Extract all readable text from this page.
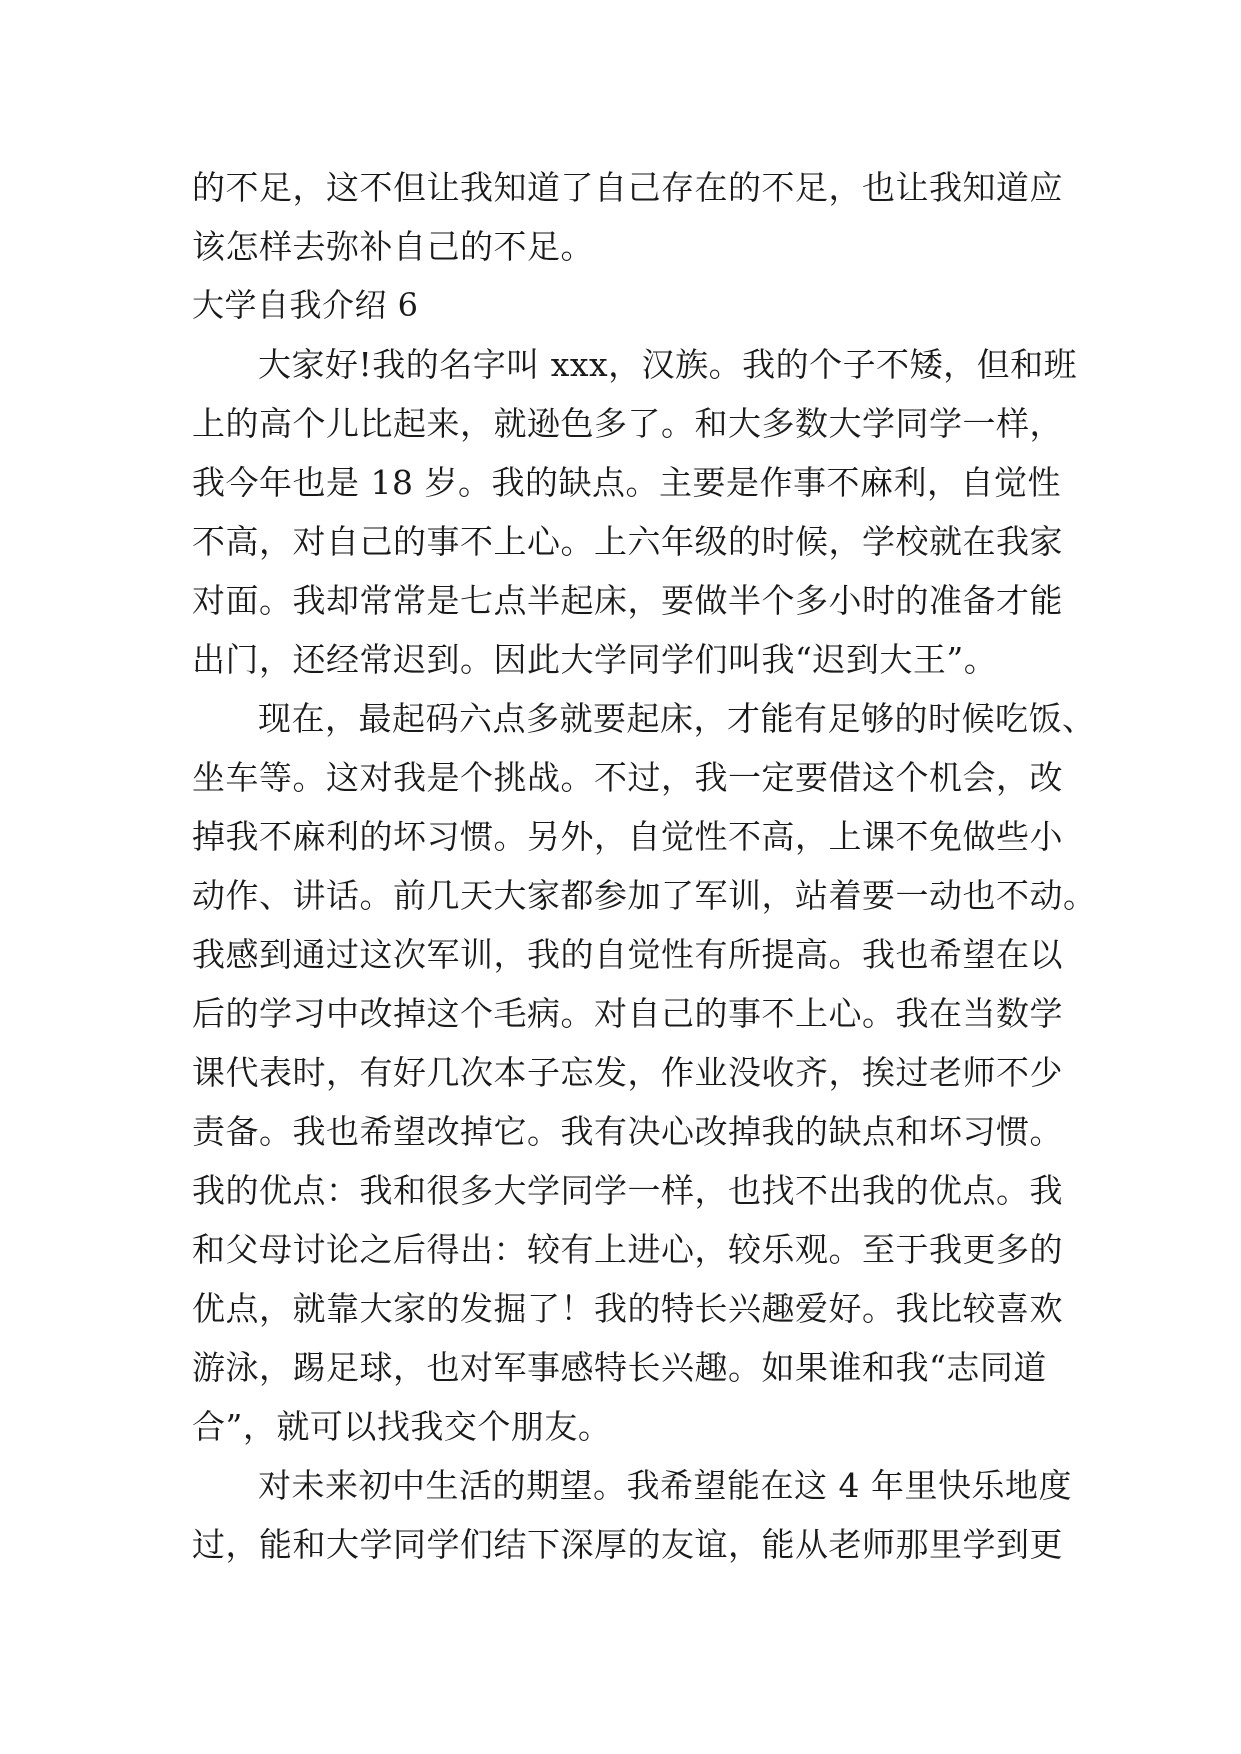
的不足，这不但让我知道了自己存在的不足，也让我知道应
该怎样去弥补自己的不足。
大学自我介绍 6
大家好!我的名字叫 xxx，汉族。我的个子不矮，但和班
上的高个儿比起来，就逊色多了。和大多数大学同学一样，
我今年也是 18 岁。我的缺点。主要是作事不麻利，自觉性
不高，对自己的事不上心。上六年级的时候，学校就在我家
对面。我却常常是七点半起床，要做半个多小时的准备才能
出门，还经常迟到。因此大学同学们叫我“迟到大王”。
现在，最起码六点多就要起床，才能有足够的时候吃饭、
坐车等。这对我是个挑战。不过，我一定要借这个机会，改
掉我不麻利的坏习惯。另外，自觉性不高，上课不免做些小
动作、讲话。前几天大家都参加了军训，站着要一动也不动。
我感到通过这次军训，我的自觉性有所提高。我也希望在以
后的学习中改掉这个毛病。对自己的事不上心。我在当数学
课代表时，有好几次本子忘发，作业没收齐，挨过老师不少
责备。我也希望改掉它。我有决心改掉我的缺点和坏习惯。
我的优点：我和很多大学同学一样，也找不出我的优点。我
和父母讨论之后得出：较有上进心，较乐观。至于我更多的
优点，就靠大家的发掘了！我的特长兴趣爱好。我比较喜欢
游泳，踢足球，也对军事感特长兴趣。如果谁和我“志同道
合”，就可以找我交个朋友。
对未来初中生活的期望。我希望能在这 4 年里快乐地度
过，能和大学同学们结下深厚的友谊，能从老师那里学到更
